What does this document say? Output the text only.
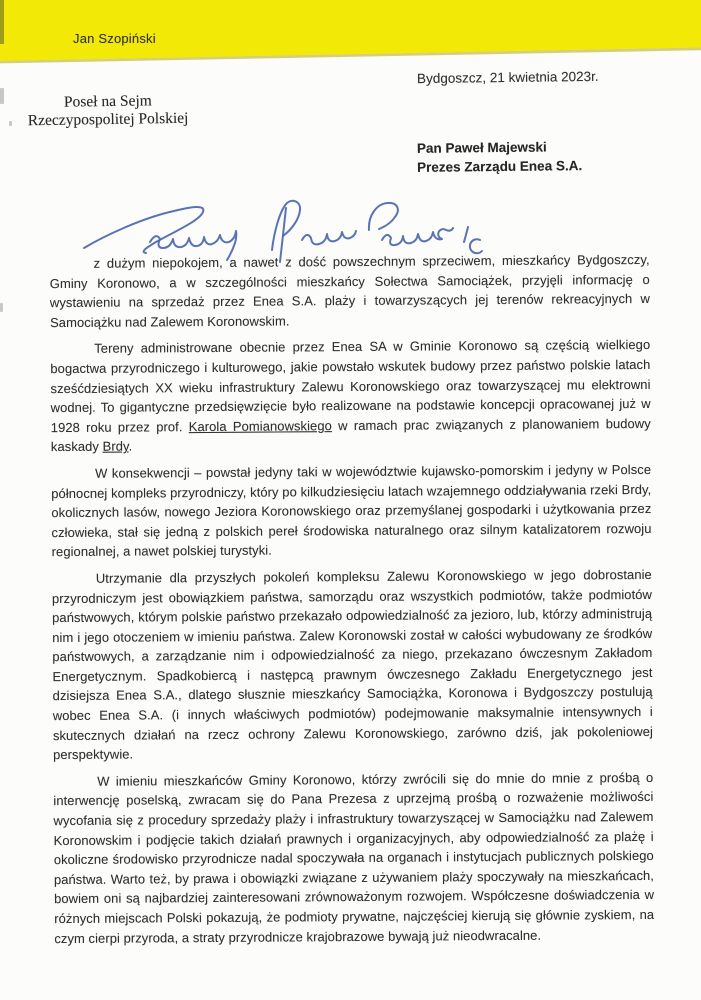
Jan Szopiński
Bydgoszcz, 21 kwietnia 2023r.
Poseł na Sejm
Rzeczypospolitej Polskiej
Pan Paweł Majewski
Prezes Zarządu Enea S.A.

z dużym niepokojem, a nawet z dość powszechnym sprzeciwem, mieszkańcy Bydgoszczy, Gminy Koronowo, a w szczególności mieszkańcy Sołectwa Samociążek, przyjęli informację o wystawieniu na sprzedaż przez Enea S.A. plaży i towarzyszących jej terenów rekreacyjnych w Samociążku nad Zalewem Koronowskim.

Tereny administrowane obecnie przez Enea SA w Gminie Koronowo są częścią wielkiego bogactwa przyrodniczego i kulturowego, jakie powstało wskutek budowy przez państwo polskie latach sześćdziesiątych XX wieku infrastruktury Zalewu Koronowskiego oraz towarzyszącej mu elektrowni wodnej. To gigantyczne przedsięwzięcie było realizowane na podstawie koncepcji opracowanej już w 1928 roku przez prof. Karola Pomianowskiego w ramach prac związanych z planowaniem budowy kaskady Brdy.

W konsekwencji – powstał jedyny taki w województwie kujawsko-pomorskim i jedyny w Polsce północnej kompleks przyrodniczy, który po kilkudziesięciu latach wzajemnego oddziaływania rzeki Brdy, okolicznych lasów, nowego Jeziora Koronowskiego oraz przemyślanej gospodarki i użytkowania przez człowieka, stał się jedną z polskich pereł środowiska naturalnego oraz silnym katalizatorem rozwoju regionalnej, a nawet polskiej turystyki.

Utrzymanie dla przyszłych pokoleń kompleksu Zalewu Koronowskiego w jego dobrostanie przyrodniczym jest obowiązkiem państwa, samorządu oraz wszystkich podmiotów, także podmiotów państwowych, którym polskie państwo przekazało odpowiedzialność za jezioro, lub, którzy administrują nim i jego otoczeniem w imieniu państwa. Zalew Koronowski został w całości wybudowany ze środków państwowych, a zarządzanie nim i odpowiedzialność za niego, przekazano ówczesnym Zakładom Energetycznym. Spadkobiercą i następcą prawnym ówczesnego Zakładu Energetycznego jest dzisiejsza Enea S.A., dlatego słusznie mieszkańcy Samociążka, Koronowa i Bydgoszczy postulują wobec Enea S.A. (i innych właściwych podmiotów) podejmowanie maksymalnie intensywnych i skutecznych działań na rzecz ochrony Zalewu Koronowskiego, zarówno dziś, jak pokoleniowej perspektywie.

W imieniu mieszkańców Gminy Koronowo, którzy zwrócili się do mnie do mnie z prośbą o interwencję poselską, zwracam się do Pana Prezesa z uprzejmą prośbą o rozważenie możliwości wycofania się z procedury sprzedaży plaży i infrastruktury towarzyszącej w Samociążku nad Zalewem Koronowskim i podjęcie takich działań prawnych i organizacyjnych, aby odpowiedzialność za plażę i okoliczne środowisko przyrodnicze nadal spoczywała na organach i instytucjach publicznych polskiego państwa. Warto też, by prawa i obowiązki związane z używaniem plaży spoczywały na mieszkańcach, bowiem oni są najbardziej zainteresowani zrównoważonym rozwojem. Współczesne doświadczenia w różnych miejscach Polski pokazują, że podmioty prywatne, najczęściej kierują się głównie zyskiem, na czym cierpi przyroda, a straty przyrodnicze krajobrazowe bywają już nieodwracalne.
